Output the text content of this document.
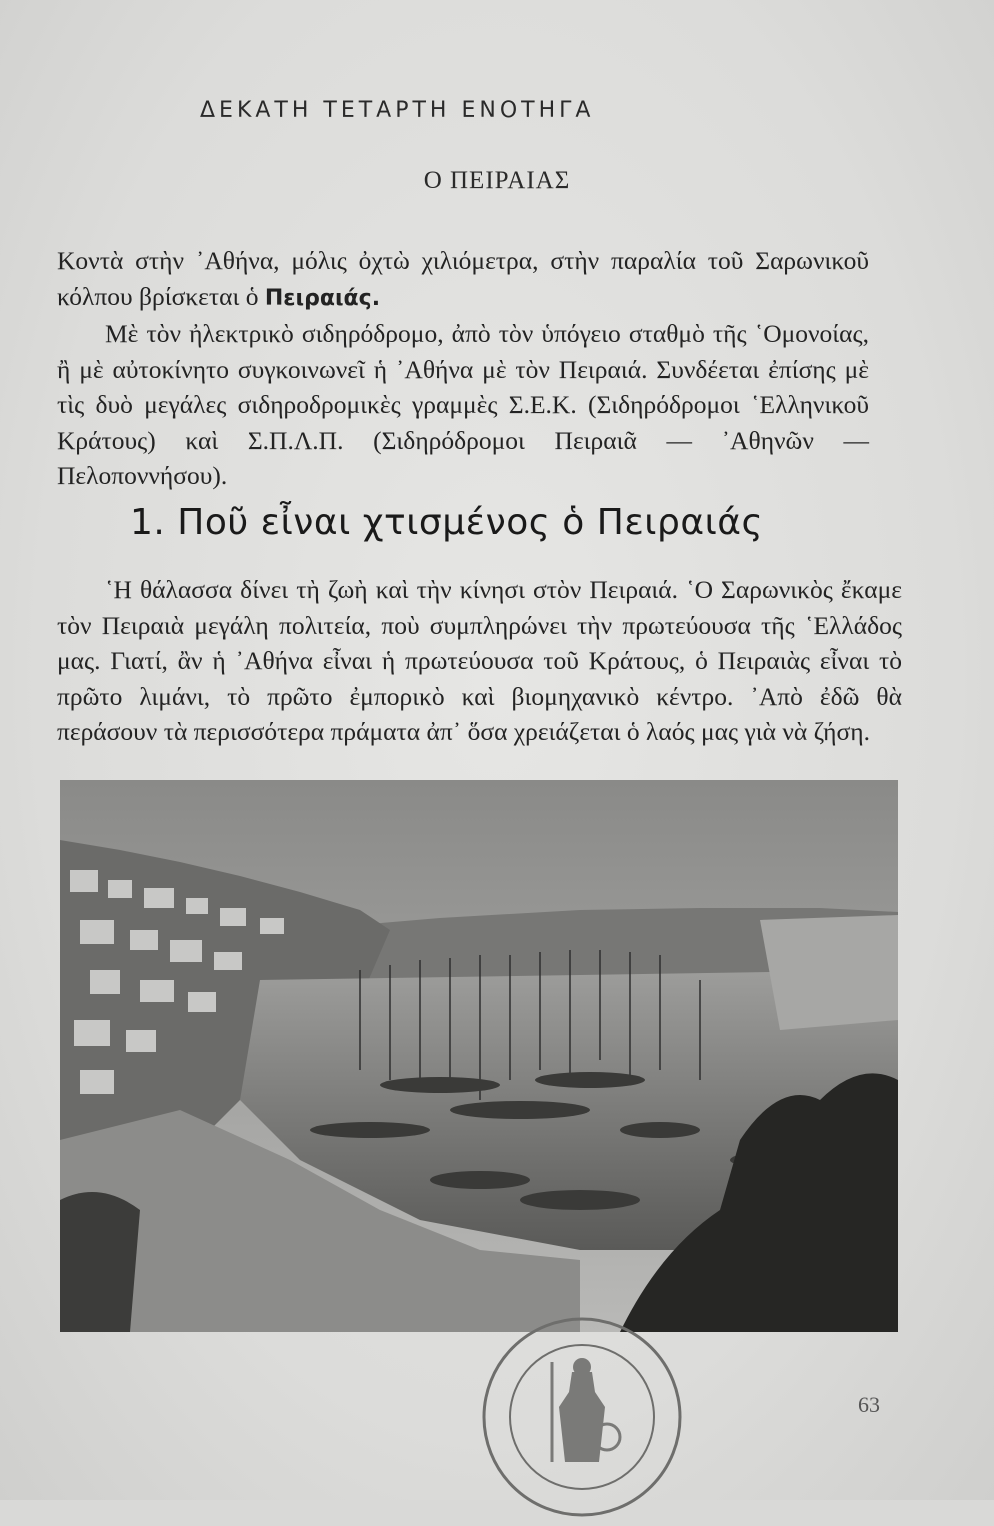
ΔΕΚΑΤΗ ΤΕΤΑΡΤΗ ΕΝΟΤΗΓΑ
Ο ΠΕΙΡΑΙΑΣ

Κοντὰ στὴν ᾿Αθήνα, μόλις ὀχτὼ χιλιόμετρα, στὴν παραλία τοῦ Σαρωνικοῦ κόλπου βρίσκεται ὁ Πειραιάς.

Μὲ τὸν ἠλεκτρικὸ σιδηρόδρομο, ἀπὸ τὸν ὑπόγειο σταθμὸ τῆς ῾Ομονοίας, ἢ μὲ αὐτοκίνητο συγκοινωνεῖ ἡ ᾿Αθήνα μὲ τὸν Πειραιά. Συνδέεται ἐπίσης μὲ τὶς δυὸ μεγάλες σιδηροδρομικὲς γραμμὲς Σ.Ε.Κ. (Σιδηρόδρομοι ῾Ελληνικοῦ Κράτους) καὶ Σ.Π.Λ.Π. (Σιδηρόδρομοι Πειραιᾶ — ᾿Αθηνῶν — Πελοποννήσου).

1. Ποῦ εἶναι χτισμένος ὁ Πειραιάς

῾Η θάλασσα δίνει τὴ ζωὴ καὶ τὴν κίνησι στὸν Πειραιά. ῾Ο Σαρωνικὸς ἔκαμε τὸν Πειραιὰ μεγάλη πολιτεία, ποὺ συμπληρώνει τὴν πρωτεύουσα τῆς ῾Ελλάδος μας. Γιατί, ἂν ἡ ᾿Αθήνα εἶναι ἡ πρωτεύουσα τοῦ Κράτους, ὁ Πειραιὰς εἶναι τὸ πρῶτο λιμάνι, τὸ πρῶτο ἐμπορικὸ καὶ βιομηχανικὸ κέντρο. ᾿Απὸ ἐδῶ θὰ περάσουν τὰ περισσότερα πράματα ἀπ᾿ ὅσα χρειάζεται ὁ λαός μας γιὰ νὰ ζήση.

63
